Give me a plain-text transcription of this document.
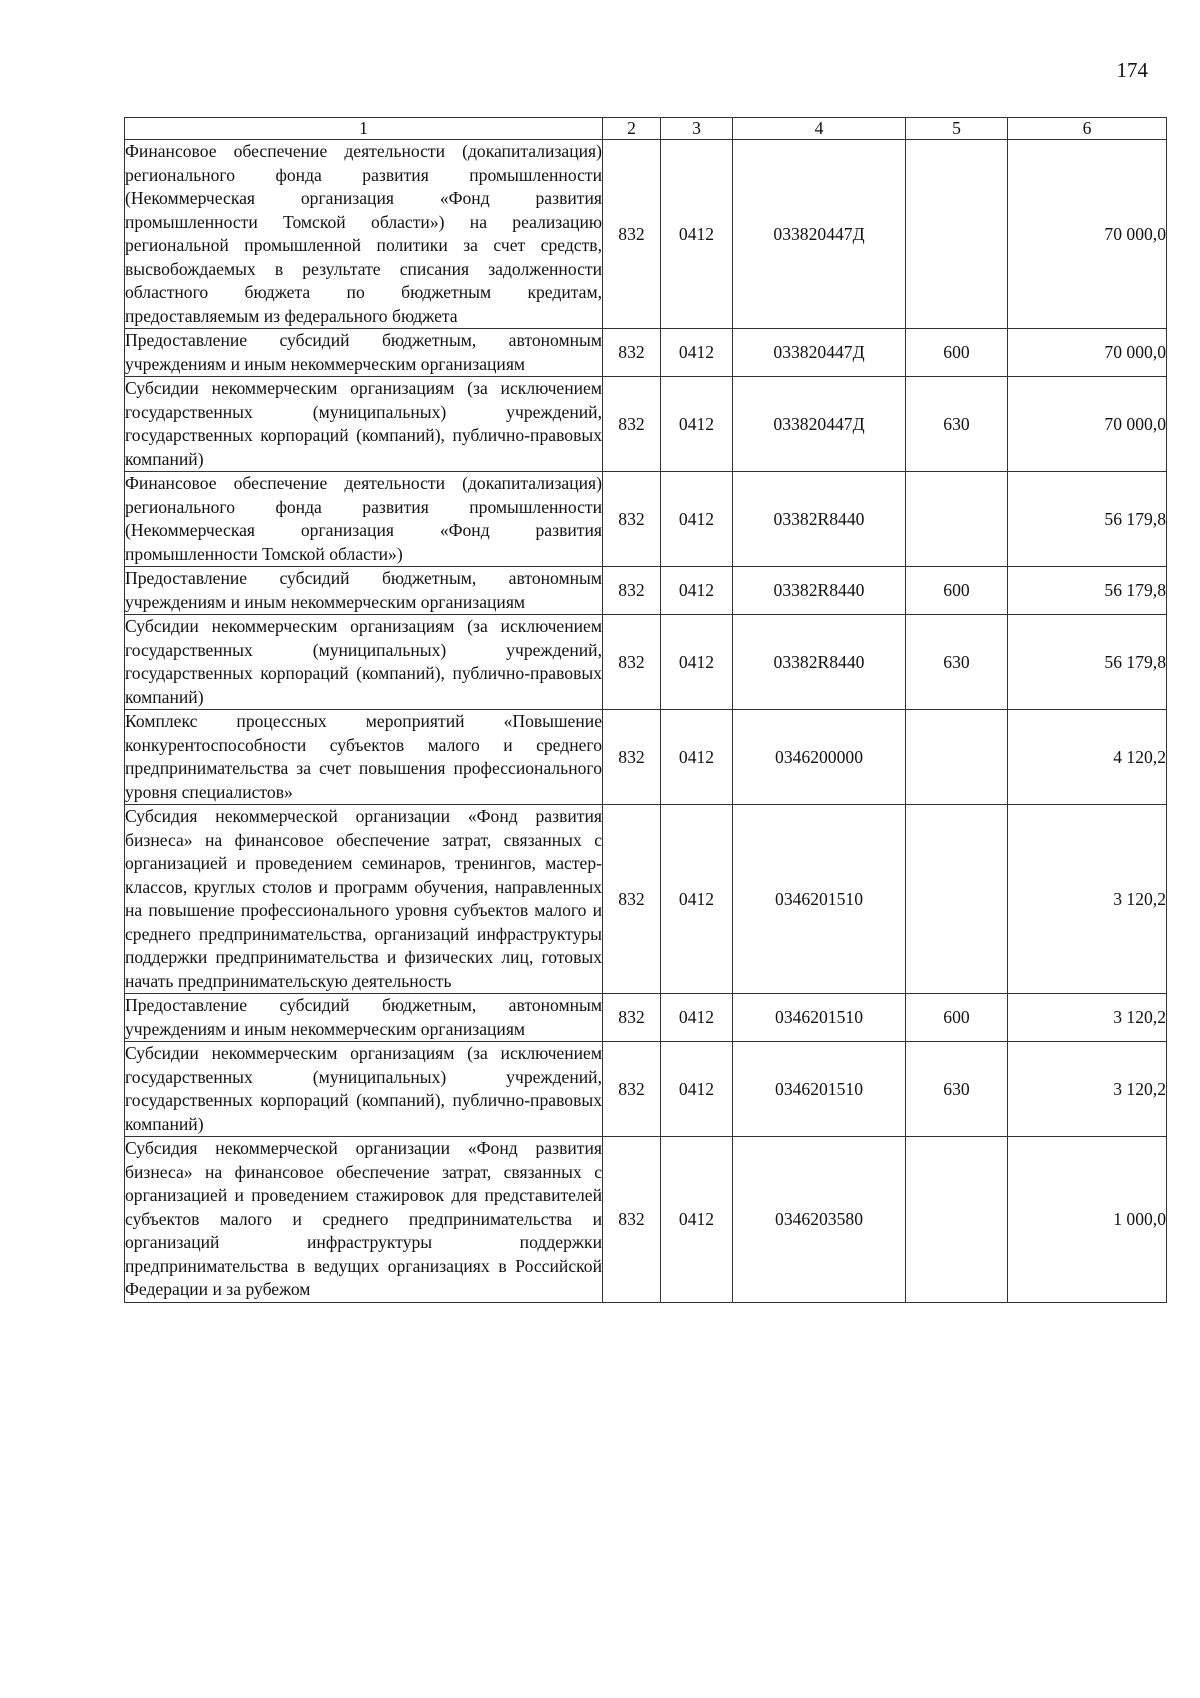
174
1	2	3	4	5	6
Финансовое обеспечение деятельности (докапитализация) регионального фонда развития промышленности (Некоммерческая организация «Фонд развития промышленности Томской области») на реализацию региональной промышленной политики за счет средств, высвобождаемых в результате списания задолженности областного бюджета по бюджетным кредитам, предоставляемым из федерального бюджета	832	0412	033820447Д		70 000,0
Предоставление субсидий бюджетным, автономным учреждениям и иным некоммерческим организациям	832	0412	033820447Д	600	70 000,0
Субсидии некоммерческим организациям (за исключением государственных (муниципальных) учреждений, государственных корпораций (компаний), публично-правовых компаний)	832	0412	033820447Д	630	70 000,0
Финансовое обеспечение деятельности (докапитализация) регионального фонда развития промышленности (Некоммерческая организация «Фонд развития промышленности Томской области»)	832	0412	03382R8440		56 179,8
Предоставление субсидий бюджетным, автономным учреждениям и иным некоммерческим организациям	832	0412	03382R8440	600	56 179,8
Субсидии некоммерческим организациям (за исключением государственных (муниципальных) учреждений, государственных корпораций (компаний), публично-правовых компаний)	832	0412	03382R8440	630	56 179,8
Комплекс процессных мероприятий «Повышение конкурентоспособности субъектов малого и среднего предпринимательства за счет повышения профессионального уровня специалистов»	832	0412	0346200000		4 120,2
Субсидия некоммерческой организации «Фонд развития бизнеса» на финансовое обеспечение затрат, связанных с организацией и проведением семинаров, тренингов, мастер-классов, круглых столов и программ обучения, направленных на повышение профессионального уровня субъектов малого и среднего предпринимательства, организаций инфраструктуры поддержки предпринимательства и физических лиц, готовых начать предпринимательскую деятельность	832	0412	0346201510		3 120,2
Предоставление субсидий бюджетным, автономным учреждениям и иным некоммерческим организациям	832	0412	0346201510	600	3 120,2
Субсидии некоммерческим организациям (за исключением государственных (муниципальных) учреждений, государственных корпораций (компаний), публично-правовых компаний)	832	0412	0346201510	630	3 120,2
Субсидия некоммерческой организации «Фонд развития бизнеса» на финансовое обеспечение затрат, связанных с организацией и проведением стажировок для представителей субъектов малого и среднего предпринимательства и организаций инфраструктуры поддержки предпринимательства в ведущих организациях в Российской Федерации и за рубежом	832	0412	0346203580		1 000,0
